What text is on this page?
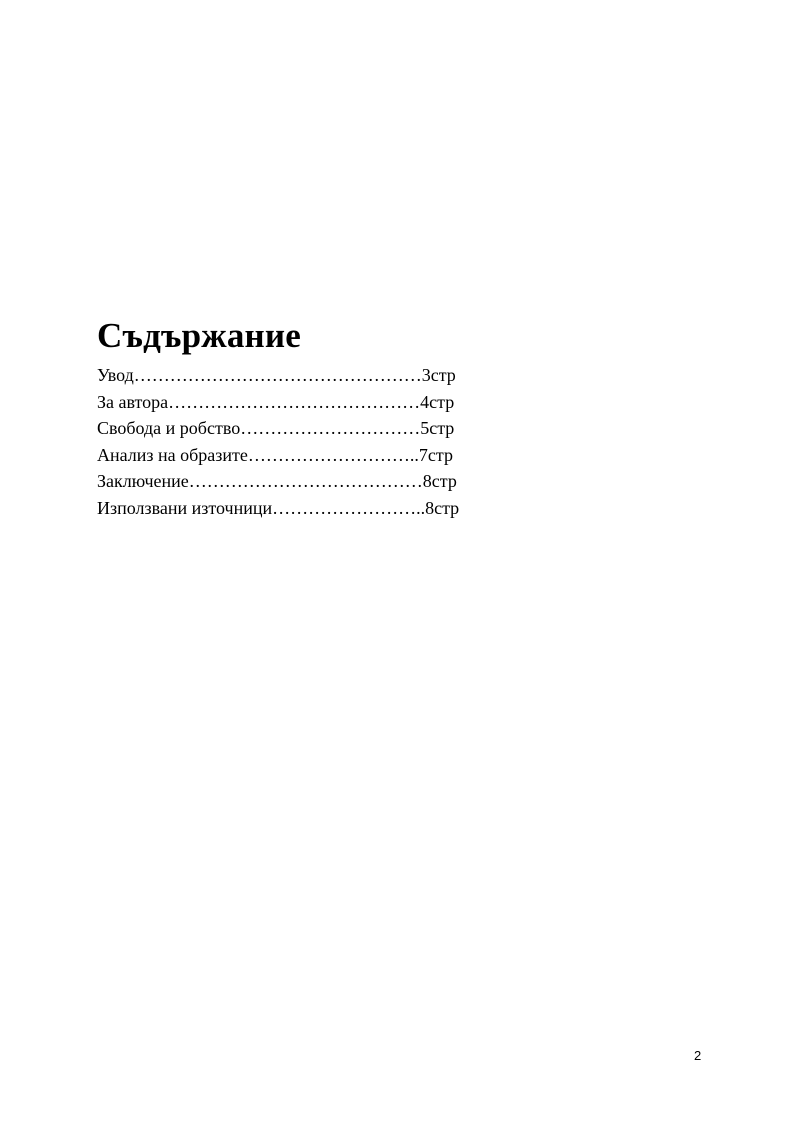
Съдържание
Увод…………………………………………3стр
За автора……………………………………4стр
Свобода и робство…………………………5стр
Анализ на образите………………………..7стр
Заключение…………………………………8стр
Използвани източници……………………..8стр
2
